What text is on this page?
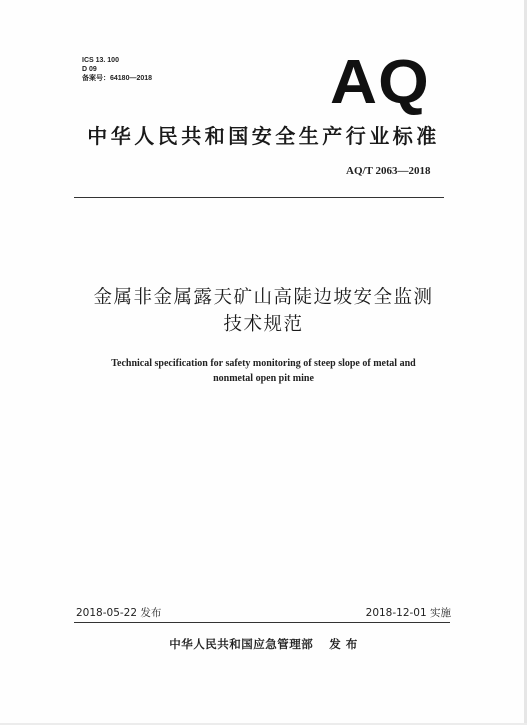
ICS 13. 100
D 09
备案号：64180—2018	AQ
中华人民共和国安全生产行业标准
AQ/T 2063—2018
金属非金属露天矿山高陡边坡安全监测
技术规范
Technical specification for safety monitoring of steep slope of metal and
nonmetal open pit mine
2018-05-22 发布	2018-12-01 实施
中华人民共和国应急管理部 发 布
